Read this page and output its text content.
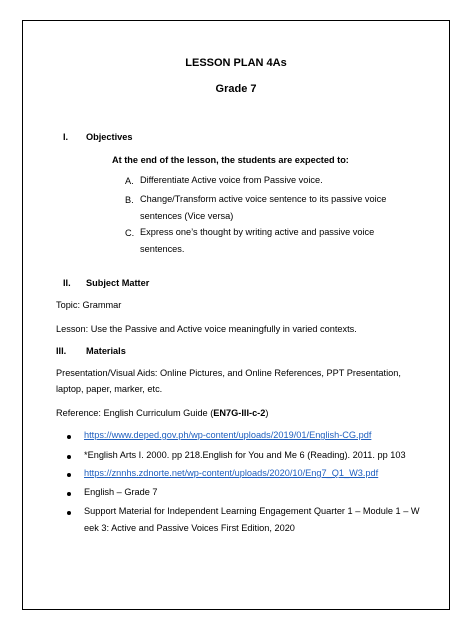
LESSON PLAN 4As
Grade 7
I. Objectives
At the end of the lesson, the students are expected to:
A. Differentiate Active voice from Passive voice.
B. Change/Transform active voice sentence to its passive voice sentences (Vice versa)
C. Express one’s thought by writing active and passive voice sentences.
II. Subject Matter
Topic: Grammar
Lesson: Use the Passive and Active voice meaningfully in varied contexts.
III. Materials
Presentation/Visual Aids: Online Pictures, and Online References, PPT Presentation, laptop, paper, marker, etc.
Reference: English Curriculum Guide (EN7G-III-c-2)
https://www.deped.gov.ph/wp-content/uploads/2019/01/English-CG.pdf
*English Arts I. 2000. pp 218.English for You and Me 6 (Reading). 2011. pp 103
https://znnhs.zdnorte.net/wp-content/uploads/2020/10/Eng7_Q1_W3.pdf
English – Grade 7
Support Material for Independent Learning Engagement Quarter 1 – Module 1 – W eek 3: Active and Passive Voices First Edition, 2020
